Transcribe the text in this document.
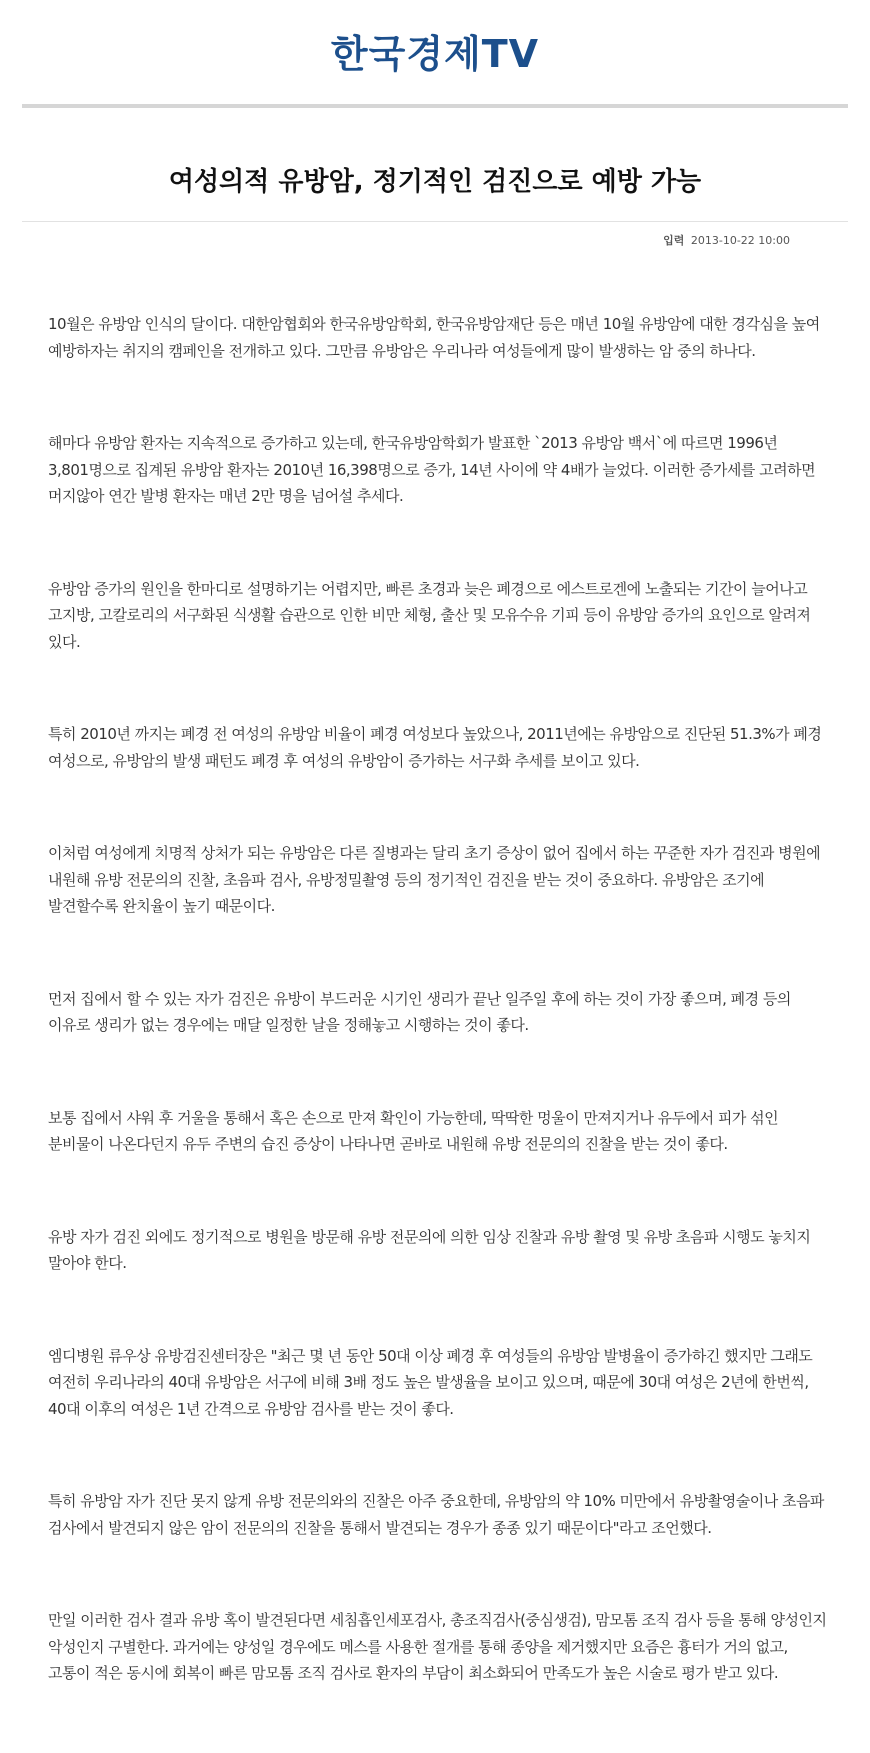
한국경제TV
여성의적 유방암, 정기적인 검진으로 예방 가능
입력 2013-10-22 10:00

10월은 유방암 인식의 달이다. 대한암협회와 한국유방암학회, 한국유방암재단 등은 매년 10월 유방암에 대한 경각심을 높여 예방하자는 취지의 캠페인을 전개하고 있다. 그만큼 유방암은 우리나라 여성들에게 많이 발생하는 암 중의 하나다.

해마다 유방암 환자는 지속적으로 증가하고 있는데, 한국유방암학회가 발표한 `2013 유방암 백서`에 따르면 1996년 3,801명으로 집계된 유방암 환자는 2010년 16,398명으로 증가, 14년 사이에 약 4배가 늘었다. 이러한 증가세를 고려하면 머지않아 연간 발병 환자는 매년 2만 명을 넘어설 추세다.

유방암 증가의 원인을 한마디로 설명하기는 어렵지만, 빠른 초경과 늦은 폐경으로 에스트로겐에 노출되는 기간이 늘어나고 고지방, 고칼로리의 서구화된 식생활 습관으로 인한 비만 체형, 출산 및 모유수유 기피 등이 유방암 증가의 요인으로 알려져 있다.

특히 2010년 까지는 폐경 전 여성의 유방암 비율이 폐경 여성보다 높았으나, 2011년에는 유방암으로 진단된 51.3%가 폐경 여성으로, 유방암의 발생 패턴도 폐경 후 여성의 유방암이 증가하는 서구화 추세를 보이고 있다.

이처럼 여성에게 치명적 상처가 되는 유방암은 다른 질병과는 달리 초기 증상이 없어 집에서 하는 꾸준한 자가 검진과 병원에 내원해 유방 전문의의 진찰, 초음파 검사, 유방정밀촬영 등의 정기적인 검진을 받는 것이 중요하다. 유방암은 조기에 발견할수록 완치율이 높기 때문이다.

먼저 집에서 할 수 있는 자가 검진은 유방이 부드러운 시기인 생리가 끝난 일주일 후에 하는 것이 가장 좋으며, 폐경 등의 이유로 생리가 없는 경우에는 매달 일정한 날을 정해놓고 시행하는 것이 좋다.

보통 집에서 샤워 후 거울을 통해서 혹은 손으로 만져 확인이 가능한데, 딱딱한 멍울이 만져지거나 유두에서 피가 섞인 분비물이 나온다던지 유두 주변의 습진 증상이 나타나면 곧바로 내원해 유방 전문의의 진찰을 받는 것이 좋다.

유방 자가 검진 외에도 정기적으로 병원을 방문해 유방 전문의에 의한 임상 진찰과 유방 촬영 및 유방 초음파 시행도 놓치지 말아야 한다.

엠디병원 류우상 유방검진센터장은 "최근 몇 년 동안 50대 이상 폐경 후 여성들의 유방암 발병율이 증가하긴 했지만 그래도 여전히 우리나라의 40대 유방암은 서구에 비해 3배 정도 높은 발생율을 보이고 있으며, 때문에 30대 여성은 2년에 한번씩, 40대 이후의 여성은 1년 간격으로 유방암 검사를 받는 것이 좋다.

특히 유방암 자가 진단 못지 않게 유방 전문의와의 진찰은 아주 중요한데, 유방암의 약 10% 미만에서 유방촬영술이나 초음파 검사에서 발견되지 않은 암이 전문의의 진찰을 통해서 발견되는 경우가 종종 있기 때문이다"라고 조언했다.

만일 이러한 검사 결과 유방 혹이 발견된다면 세침흡인세포검사, 총조직검사(중심생검), 맘모톰 조직 검사 등을 통해 양성인지 악성인지 구별한다. 과거에는 양성일 경우에도 메스를 사용한 절개를 통해 종양을 제거했지만 요즘은 흉터가 거의 없고, 고통이 적은 동시에 회복이 빠른 맘모톰 조직 검사로 환자의 부담이 최소화되어 만족도가 높은 시술로 평가 받고 있다.
